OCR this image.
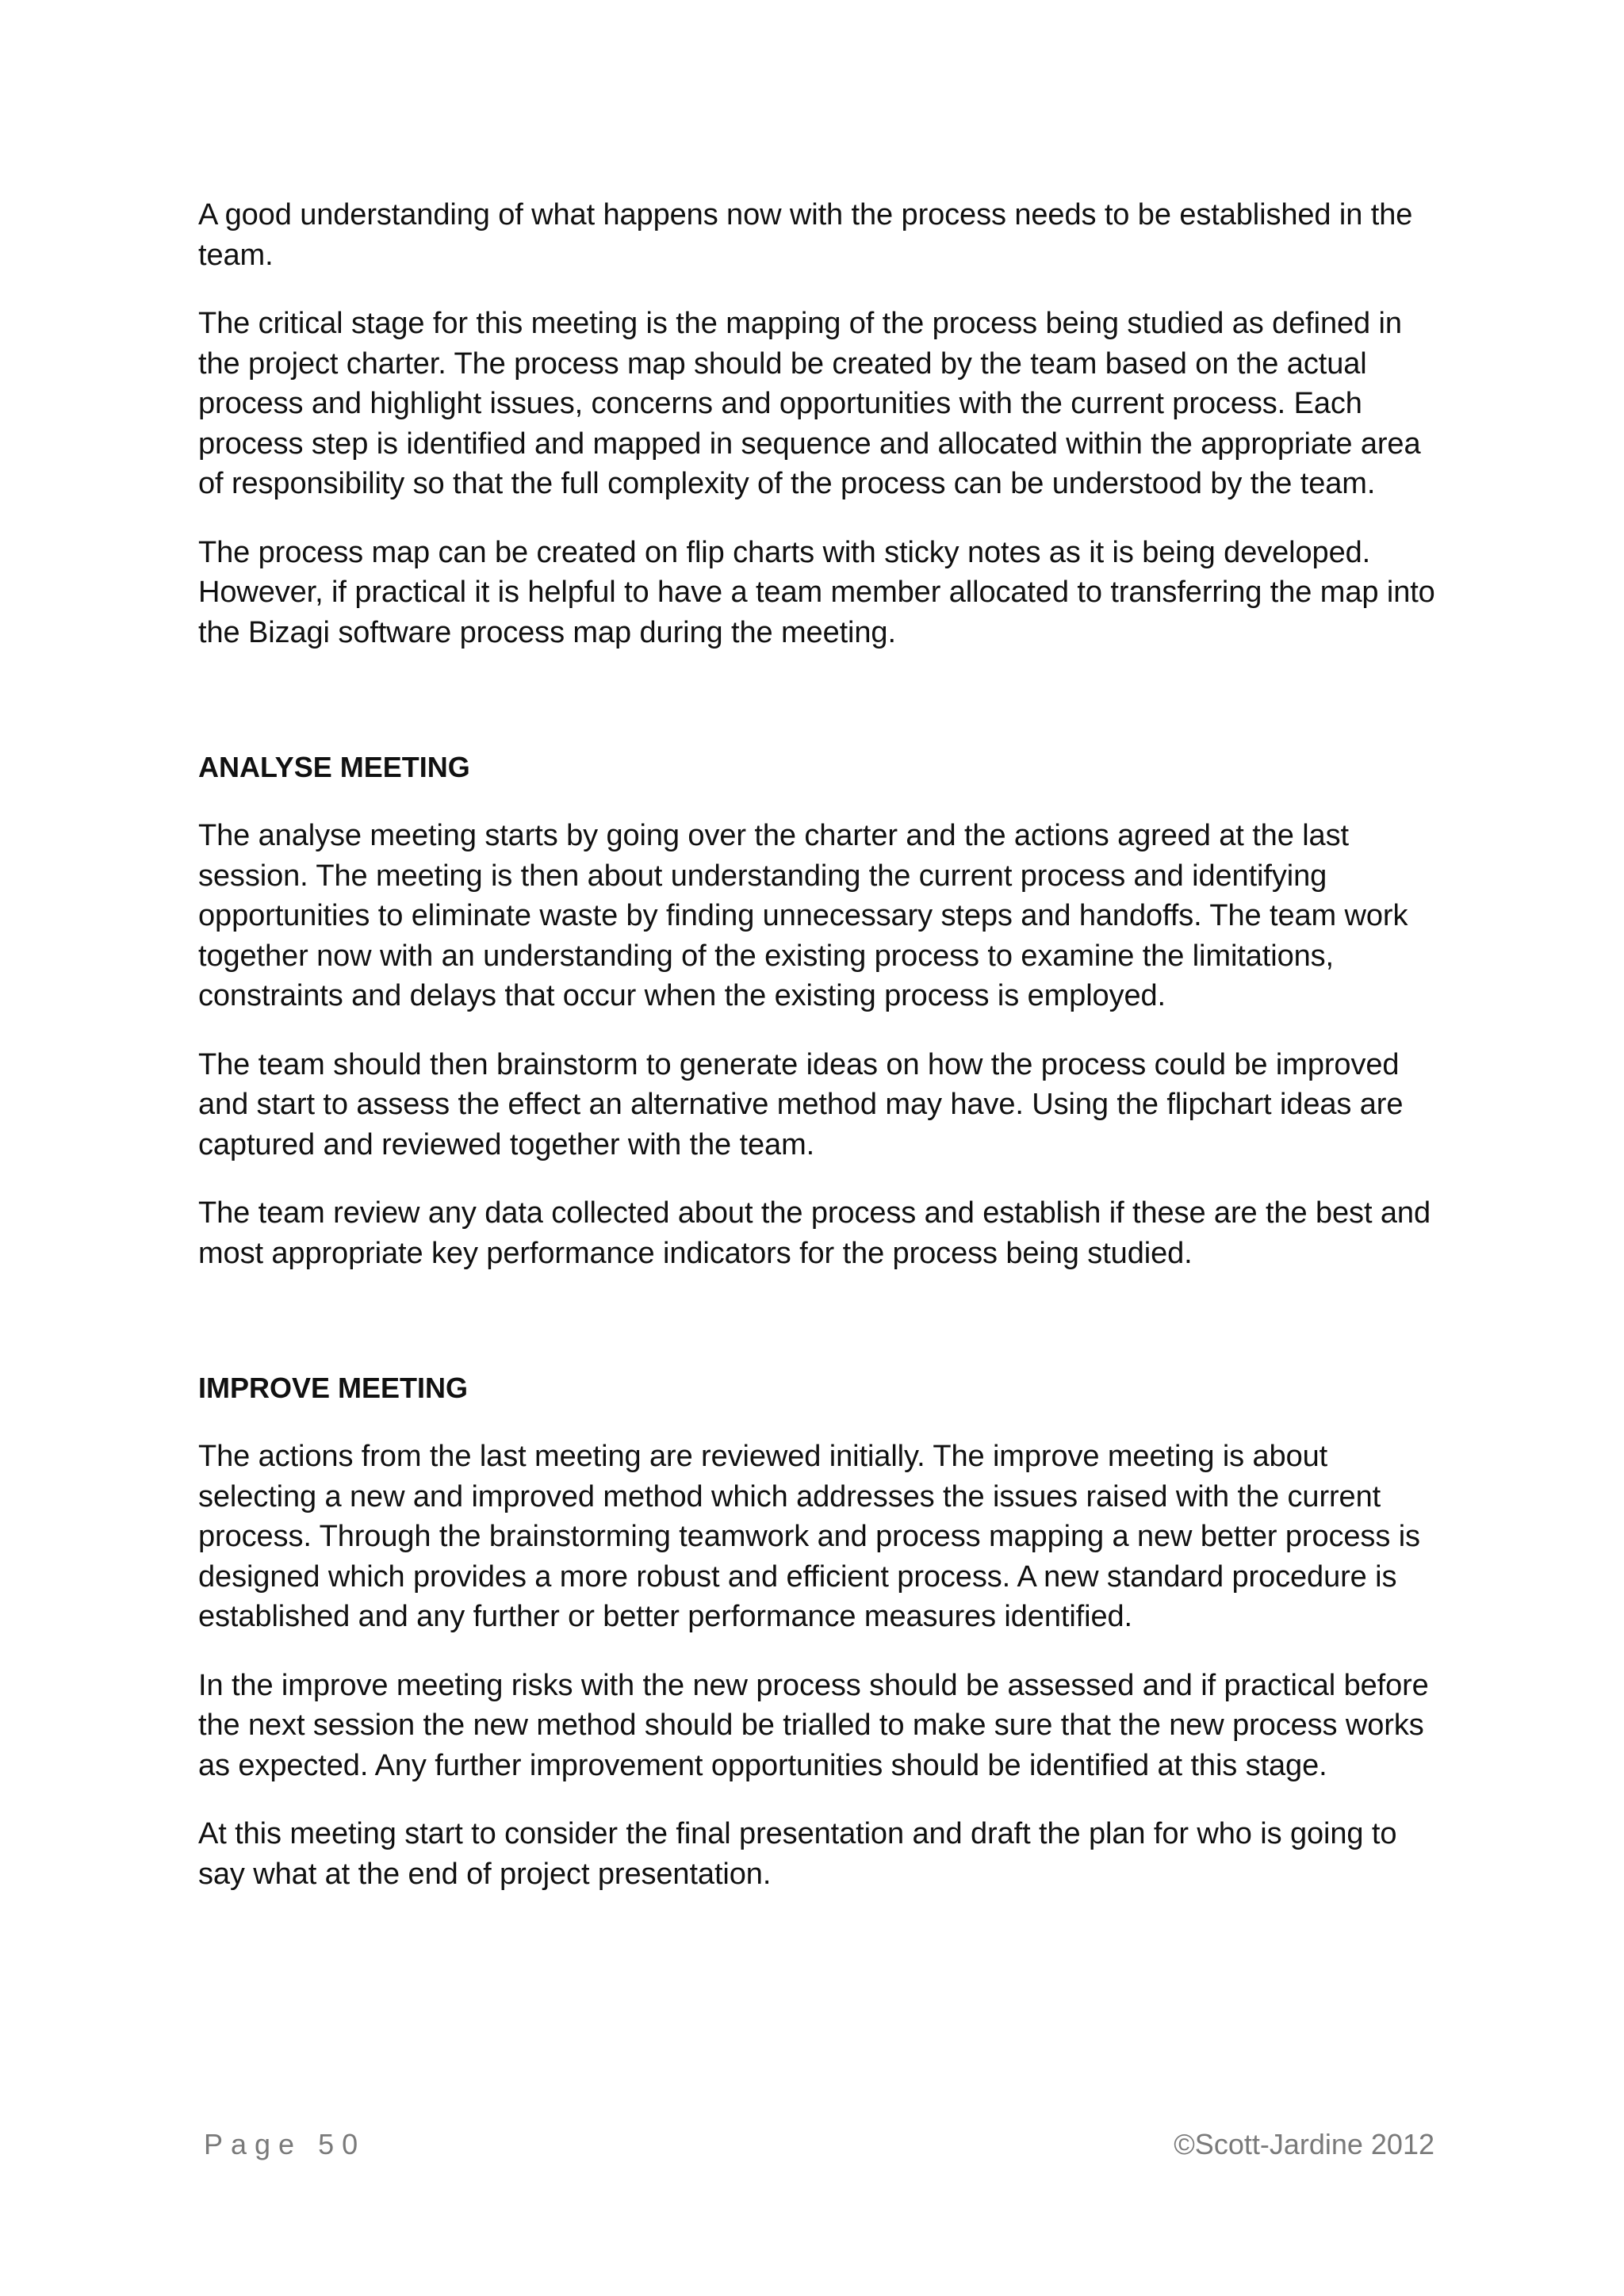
A good understanding of what happens now with the process needs to be established in the team.

The critical stage for this meeting is the mapping of the process being studied as defined in the project charter. The process map should be created by the team based on the actual process and highlight issues, concerns and opportunities with the current process. Each process step is identified and mapped in sequence and allocated within the appropriate area of responsibility so that the full complexity of the process can be understood by the team.

The process map can be created on flip charts with sticky notes as it is being developed. However, if practical it is helpful to have a team member allocated to transferring the map into the Bizagi software process map during the meeting.

ANALYSE MEETING

The analyse meeting starts by going over the charter and the actions agreed at the last session. The meeting is then about understanding the current process and identifying opportunities to eliminate waste by finding unnecessary steps and handoffs. The team work together now with an understanding of the existing process to examine the limitations, constraints and delays that occur when the existing process is employed.

The team should then brainstorm to generate ideas on how the process could be improved and start to assess the effect an alternative method may have. Using the flipchart ideas are captured and reviewed together with the team.

The team review any data collected about the process and establish if these are the best and most appropriate key performance indicators for the process being studied.

IMPROVE MEETING

The actions from the last meeting are reviewed initially. The improve meeting is about selecting a new and improved method which addresses the issues raised with the current process. Through the brainstorming teamwork and process mapping a new better process is designed which provides a more robust and efficient process. A new standard procedure is established and any further or better performance measures identified.

In the improve meeting risks with the new process should be assessed and if practical before the next session the new method should be trialled to make sure that the new process works as expected. Any further improvement opportunities should be identified at this stage.

At this meeting start to consider the final presentation and draft the plan for who is going to say what at the end of project presentation.

Page 50	©Scott-Jardine 2012
